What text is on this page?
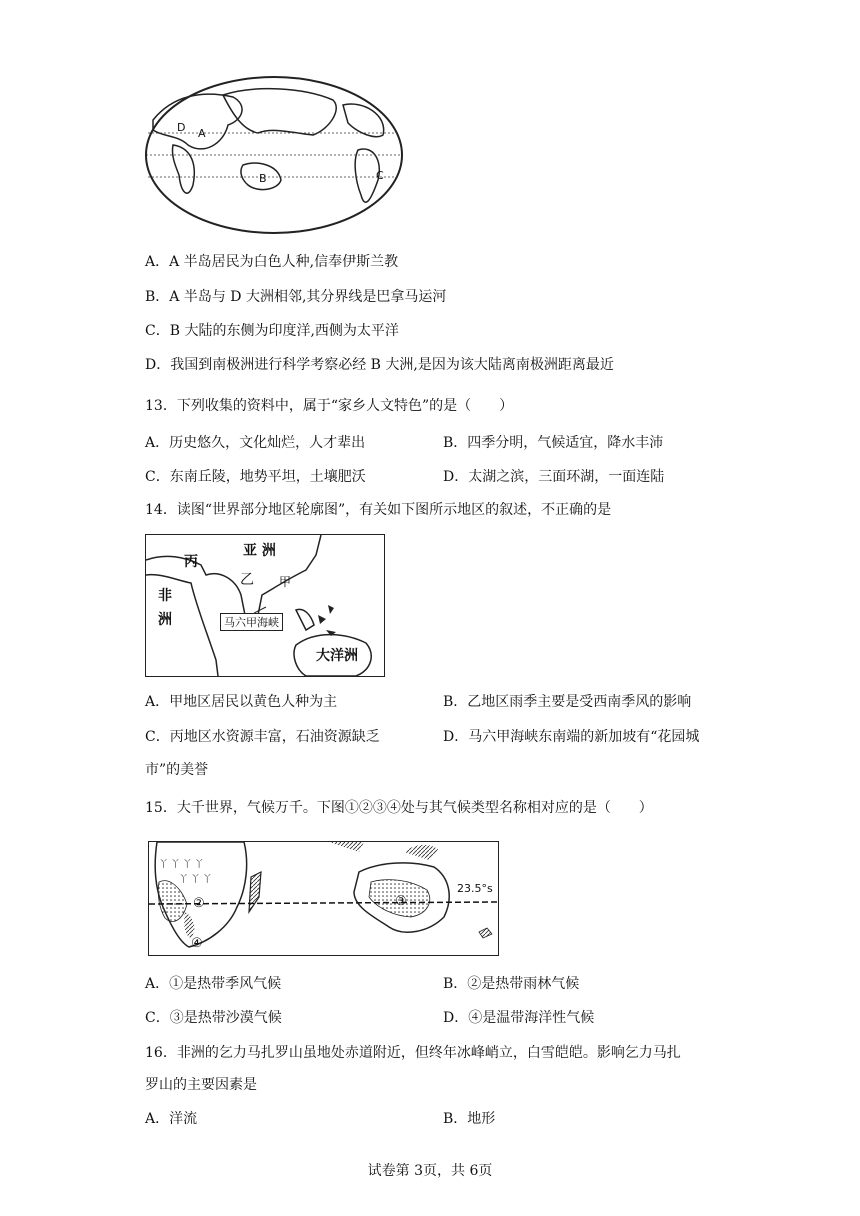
D A
B	C
A．A 半岛居民为白色人种,信奉伊斯兰教
B．A 半岛与 D 大洲相邻,其分界线是巴拿马运河
C．B 大陆的东侧为印度洋,西侧为太平洋
D．我国到南极洲进行科学考察必经 B 大洲,是因为该大陆离南极洲距离最近
13．下列收集的资料中，属于“家乡人文特色”的是（　　）
A．历史悠久，文化灿烂，人才辈出	B．四季分明，气候适宜，降水丰沛
C．东南丘陵，地势平坦，土壤肥沃	D．太湖之滨，三面环湖，一面连陆
14．读图“世界部分地区轮廓图”，有关如下图所示地区的叙述，不正确的是
亚 洲
丙
乙 甲
非
洲	马六甲海峡
大洋洲
A．甲地区居民以黄色人种为主	B．乙地区雨季主要是受西南季风的影响
C．丙地区水资源丰富，石油资源缺乏	D．马六甲海峡东南端的新加坡有“花园城
市”的美誉
15．大千世界，气候万千。下图①②③④处与其气候类型名称相对应的是（　　）
丫 丫 丫 丫
丫 丫 丫
②	③
④
23.5°s
A．①是热带季风气候	B．②是热带雨林气候
C．③是热带沙漠气候	D．④是温带海洋性气候
16．非洲的乞力马扎罗山虽地处赤道附近，但终年冰峰峭立，白雪皑皑。影响乞力马扎
罗山的主要因素是
A．洋流	B．地形
试卷第 3页，共 6页
